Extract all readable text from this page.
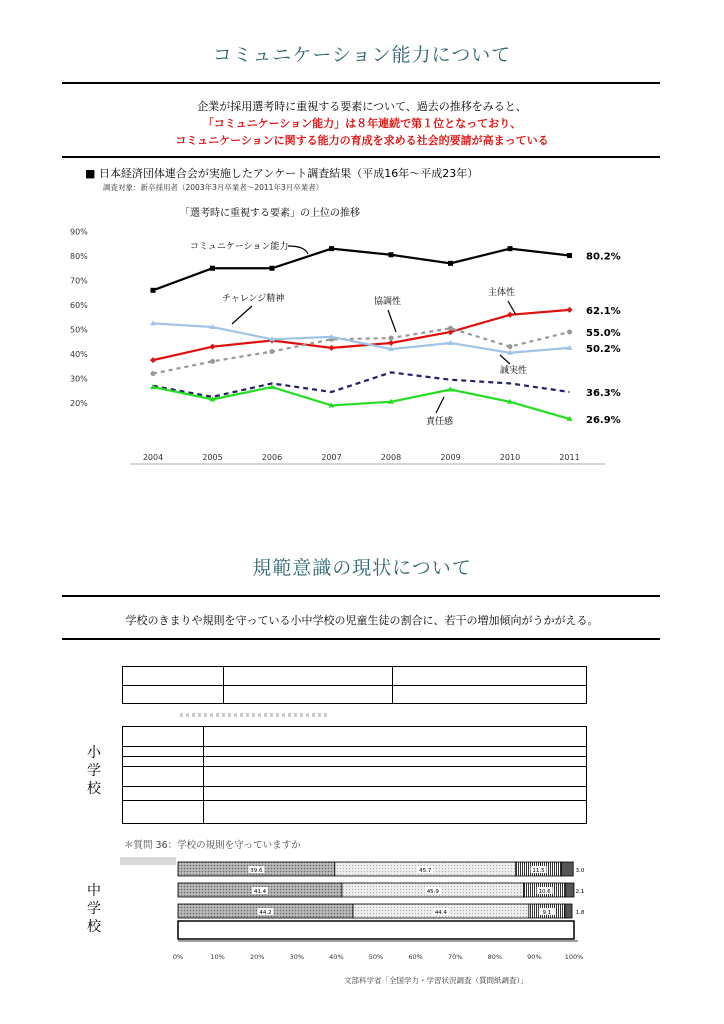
コミュニケーション能力について
企業が採用選考時に重視する要素について、過去の推移をみると、
「コミュニケーション能力」は８年連続で第１位となっており、
コミュニケーションに関する能力の育成を求める社会的要請が高まっている
■ 日本経済団体連合会が実施したアンケート調査結果（平成16年～平成23年）
調査対象：新卒採用者（2003年3月卒業者～2011年3月卒業者）
「選考時に重視する要素」の上位の推移
20%
30%
40%
50%
60%
70%
80%
90%
2004	2005	2006	2007	2008	2009	2010	2011
80.2%
62.1%
55.0%
50.2%
36.3%
26.9%
コミュニケーション能力
チャレンジ精神	協調性
主体性
誠実性
責任感
規範意識の現状について
学校のきまりや規則を守っている小中学校の児童生徒の割合に、若干の増加傾向がうかがえる。

小学校
中学校
＊質問 36：学校の規則を守っていますか
39.6	45.7	11.5	3.0
41.4	45.9	10.6	2.1
44.2	44.4	9.1	1.8
0%	10%	20%	30%	40%	50%	60%	70%	80%	90%	100%
文部科学省「全国学力・学習状況調査（質問紙調査）」
